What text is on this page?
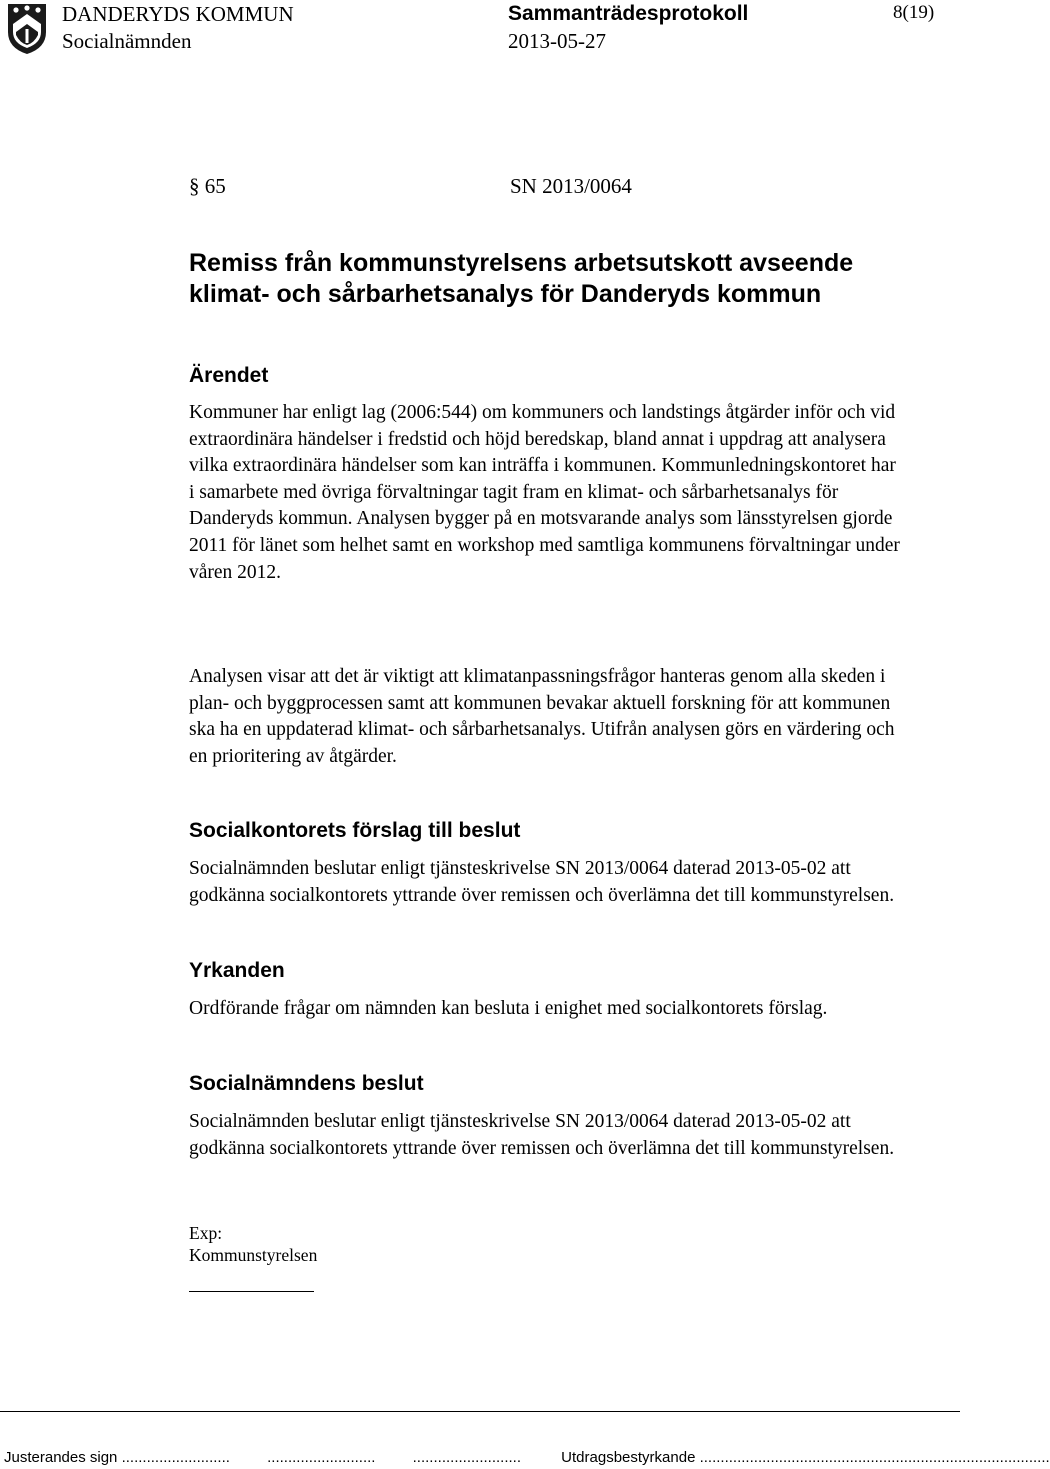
DANDERYDS KOMMUN
Socialnämnden
Sammanträdesprotokoll
2013-05-27
8(19)
§ 65	SN 2013/0064
Remiss från kommunstyrelsens arbetsutskott avseende klimat- och sårbarhetsanalys för Danderyds kommun
Ärendet

Kommuner har enligt lag (2006:544) om kommuners och landstings åtgärder inför och vid extraordinära händelser i fredstid och höjd beredskap, bland annat i uppdrag att analysera vilka extraordinära händelser som kan inträffa i kommunen. Kommunledningskontoret har i samarbete med övriga förvaltningar tagit fram en klimat- och sårbarhetsanalys för Danderyds kommun. Analysen bygger på en motsvarande analys som länsstyrelsen gjorde 2011 för länet som helhet samt en workshop med samtliga kommunens förvaltningar under våren 2012.

Analysen visar att det är viktigt att klimatanpassningsfrågor hanteras genom alla skeden i plan- och byggprocessen samt att kommunen bevakar aktuell forskning för att kommunen ska ha en uppdaterad klimat- och sårbarhetsanalys. Utifrån analysen görs en värdering och en prioritering av åtgärder.

Socialkontorets förslag till beslut

Socialnämnden beslutar enligt tjänsteskrivelse SN 2013/0064 daterad 2013-05-02 att godkänna socialkontorets yttrande över remissen och överlämna det till kommunstyrelsen.

Yrkanden

Ordförande frågar om nämnden kan besluta i enighet med socialkontorets förslag.

Socialnämndens beslut

Socialnämnden beslutar enligt tjänsteskrivelse SN 2013/0064 daterad 2013-05-02 att godkänna socialkontorets yttrande över remissen och överlämna det till kommunstyrelsen.

Exp:
Kommunstyrelsen
Justerandes sign .......................... .......................... ..........................	Utdragsbestyrkande ....................................................................................
